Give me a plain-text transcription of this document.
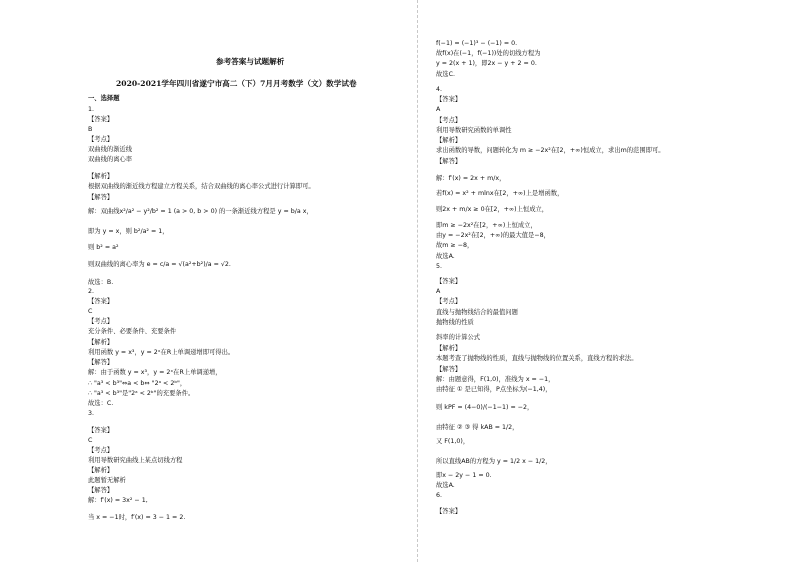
参考答案与试题解析
2020-2021学年四川省遂宁市高二（下）7月月考数学（文）数学试卷
一、选择题
1.
【答案】
B
【考点】
双曲线的渐近线
双曲线的离心率
【解析】
根据双曲线的渐近线方程建立方程关系，结合双曲线的离心率公式进行计算即可。
【解答】
解：双曲线x²/a² − y²/b² = 1 (a > 0, b > 0) 的一条渐近线方程是 y = b/a x，
即为 y = x，则 b²/a² = 1，
则 b² = a²
则双曲线的离心率为 e = c/a = √(a²+b²)/a = √2.
故选：B.
2.
【答案】
C
【考点】
充分条件、必要条件、充要条件
【解析】
利用函数 y = x³，y = 2ˣ在R上单调递增即可得出。
【解答】
解：由于函数 y = x³，y = 2ˣ在R上单调递增，
∴ "a³ < b³"⇔a < b⇔ "2ᵃ < 2ᵇ"，
∴ "a³ < b³"是"2ᵃ < 2ᵇ"的充要条件。
故选：C.
3.
【答案】
C
【考点】
利用导数研究曲线上某点切线方程
【解析】
此题暂无解析
【解答】
解：f′(x) = 3x² − 1,
当 x = −1时，f′(x) = 3 − 1 = 2.
f(−1) = (−1)³ − (−1) = 0.
故f(x)在(−1，f(−1))处的切线方程为
y = 2(x + 1)，即2x − y + 2 = 0.
故选C.
4.
【答案】
A
【考点】
利用导数研究函数的单调性
【解析】
求出函数的导数，问题转化为 m ≥ −2x²在[2，+∞)恒成立，求出m的范围即可。
【解答】
解：f′(x) = 2x + m/x，
若f(x) = x² + mlnx在[2，+∞)上是增函数，
则2x + m/x ≥ 0在[2，+∞)上恒成立，
即m ≥ −2x²在[2，+∞)上恒成立，
由y = −2x²在[2，+∞)的最大值是−8，
故m ≥ −8，
故选A.
5.
【答案】
A
【考点】
直线与抛物线结合的最值问题
抛物线的性质
斜率的计算公式
【解析】
本题考查了抛物线的性质，直线与抛物线的位置关系，直线方程的求法。
【解答】
解：由题意得，F(1,0)，准线为 x = −1，
由特征 ① 是已知得，P点坐标为(−1,4)，
则 kPF = (4−0)/(−1−1) = −2，
由特征 ② ③ 得 kAB = 1/2，
又 F(1,0)，
所以直线AB的方程为 y = 1/2 x − 1/2，
即x − 2y − 1 = 0.
故选A.
6.
【答案】
